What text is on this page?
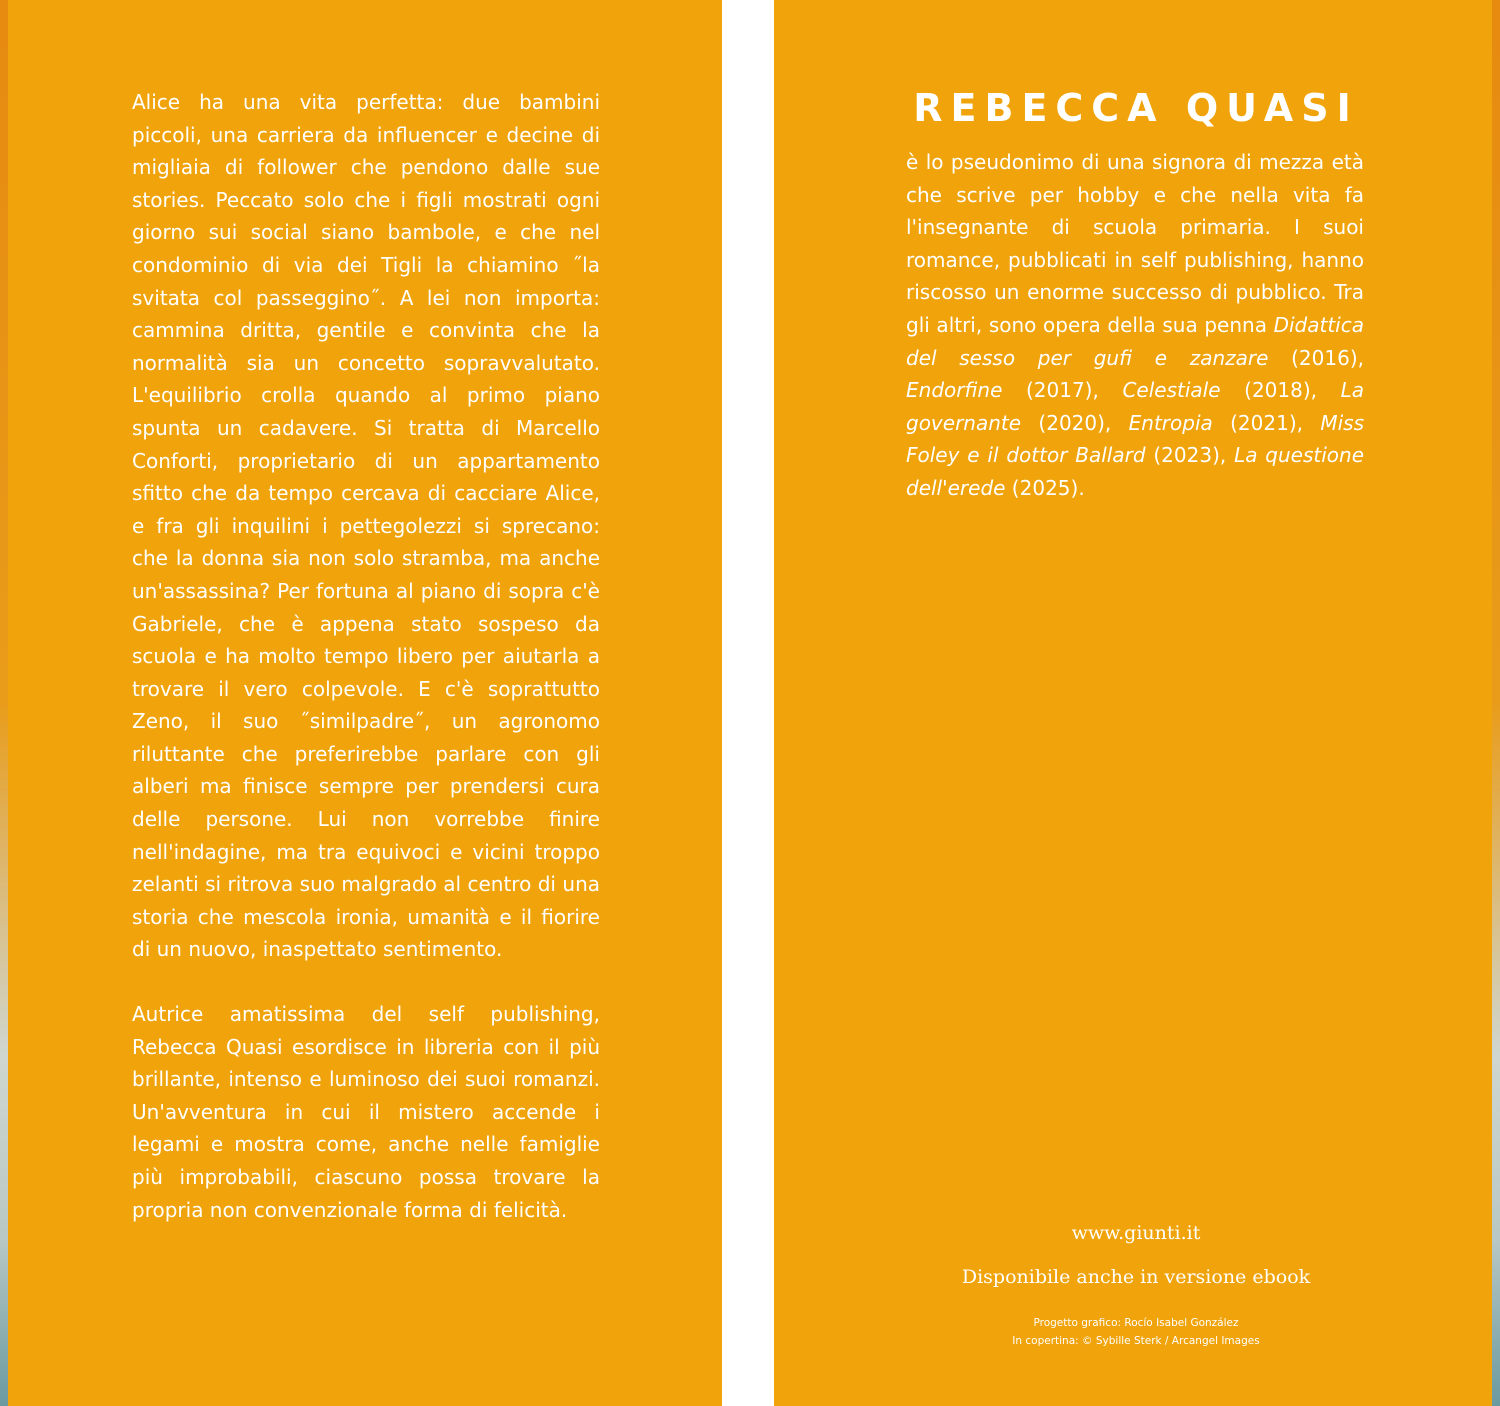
Alice ha una vita perfetta: due bambini piccoli, una carriera da influencer e decine di migliaia di follower che pendono dalle sue stories. Peccato solo che i figli mostrati ogni giorno sui social siano bambole, e che nel condominio di via dei Tigli la chiamino ˝la svitata col passeggino˝. A lei non importa: cammina dritta, gentile e convinta che la normalità sia un concetto sopravvalutato. L'equilibrio crolla quando al primo piano spunta un cadavere. Si tratta di Marcello Conforti, proprietario di un appartamento sfitto che da tempo cercava di cacciare Alice, e fra gli inquilini i pettegolezzi si sprecano: che la donna sia non solo stramba, ma anche un'assassina? Per fortuna al piano di sopra c'è Gabriele, che è appena stato sospeso da scuola e ha molto tempo libero per aiutarla a trovare il vero colpevole. E c'è soprattutto Zeno, il suo ˝similpadre˝, un agronomo riluttante che preferirebbe parlare con gli alberi ma finisce sempre per prendersi cura delle persone. Lui non vorrebbe finire nell'indagine, ma tra equivoci e vicini troppo zelanti si ritrova suo malgrado al centro di una storia che mescola ironia, umanità e il fiorire di un nuovo, inaspettato sentimento.

Autrice amatissima del self publishing, Rebecca Quasi esordisce in libreria con il più brillante, intenso e luminoso dei suoi romanzi. Un'avventura in cui il mistero accende i legami e mostra come, anche nelle famiglie più improbabili, ciascuno possa trovare la propria non convenzionale forma di felicità.

REBECCA QUASI

è lo pseudonimo di una signora di mezza età che scrive per hobby e che nella vita fa l'insegnante di scuola primaria. I suoi romance, pubblicati in self publishing, hanno riscosso un enorme successo di pubblico. Tra gli altri, sono opera della sua penna Didattica del sesso per gufi e zanzare (2016), Endorfine (2017), Celestiale (2018), La governante (2020), Entropia (2021), Miss Foley e il dottor Ballard (2023), La questione dell'erede (2025).

www.giunti.it
Disponibile anche in versione ebook
Progetto grafico: Rocío Isabel González
In copertina: © Sybille Sterk / Arcangel Images
